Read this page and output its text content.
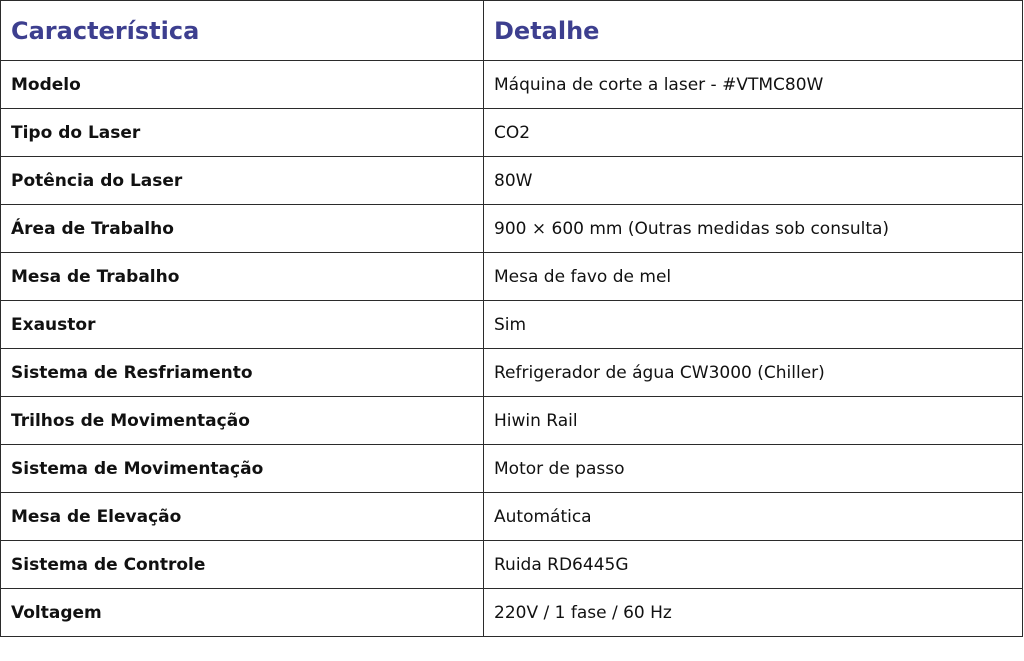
Característica	Detalhe
Modelo	Máquina de corte a laser - #VTMC80W
Tipo do Laser	CO2
Potência do Laser	80W
Área de Trabalho	900 × 600 mm (Outras medidas sob consulta)
Mesa de Trabalho	Mesa de favo de mel
Exaustor	Sim
Sistema de Resfriamento	Refrigerador de água CW3000 (Chiller)
Trilhos de Movimentação	Hiwin Rail
Sistema de Movimentação	Motor de passo
Mesa de Elevação	Automática
Sistema de Controle	Ruida RD6445G
Voltagem	220V / 1 fase / 60 Hz
